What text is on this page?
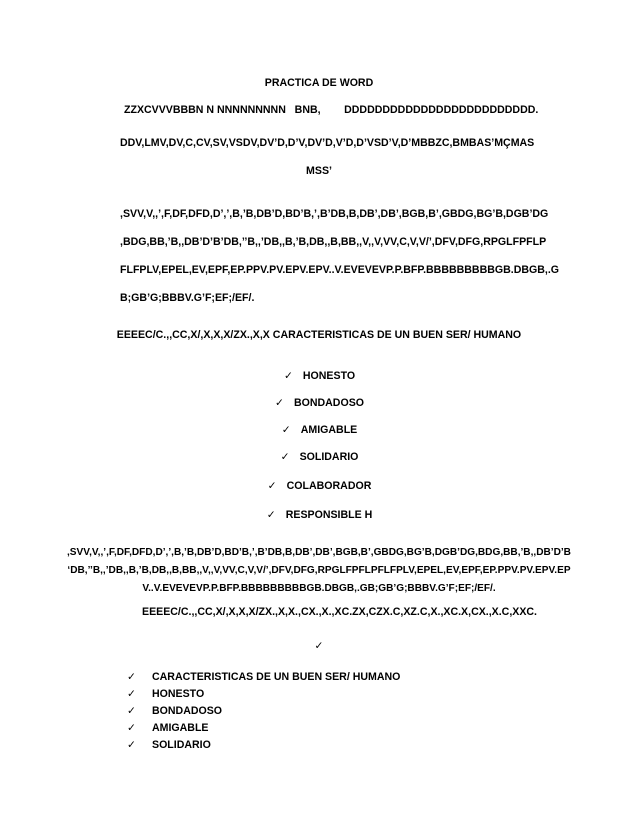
PRACTICA DE WORD
ZZXCVVVBBBN N NNNNNNNNN   BNB,        DDDDDDDDDDDDDDDDDDDDDDDDD.
DDV,LMV,DV,C,CV,SV,VSDV,DV’D,D’V,DV’D,V’D,D’VSD’V,D’MBBZC,BMBAS’MÇMAS
MSS’
,SVV,V,,’,F,DF,DFD,D’,’,B,’B,DB’D,BD’B,’,B’DB,B,DB’,DB’,BGB,B’,GBDG,BG’B,DGB’DG
,BDG,BB,’B,,DB’D’B’DB,’’B,,’DB,,B,’B,DB,,B,BB,,V,,V,VV,C,V,V/’,DFV,DFG,RPGLFPFLP
FLFPLV,EPEL,EV,EPF,EP.PPV.PV.EPV.EPV..V.EVEVEVP.P.BFP.BBBBBBBBBGB.DBGB,.G
B;GB’G;BBBV.G’F;EF;/EF/.
EEEEC/C.,,CC,X/,X,X,X/ZX.,X,X CARACTERISTICAS DE UN BUEN SER/ HUMANO
✓ HONESTO
✓ BONDADOSO
✓ AMIGABLE
✓ SOLIDARIO
✓ COLABORADOR
✓ RESPONSIBLE H
,SVV,V,,’,F,DF,DFD,D’,’,B,’B,DB’D,BD’B,’,B’DB,B,DB’,DB’,BGB,B’,GBDG,BG’B,DGB’DG,BDG,BB,’B,,DB’D’B
‘DB,’’B,,’DB,,B,’B,DB,,B,BB,,V,,V,VV,C,V,V/’,DFV,DFG,RPGLFPFLPFLFPLV,EPEL,EV,EPF,EP.PPV.PV.EPV.EP
V..V.EVEVEVP.P.BFP.BBBBBBBBBGB.DBGB,.GB;GB’G;BBBV.G’F;EF;/EF/.
EEEEC/C.,,CC,X/,X,X,X/ZX.,X,X.,CX.,X.,XC.ZX,CZX.C,XZ.C,X.,XC.X,CX.,X.C,XXC.
✓
✓ CARACTERISTICAS DE UN BUEN SER/ HUMANO
✓ HONESTO
✓ BONDADOSO
✓ AMIGABLE
✓ SOLIDARIO
